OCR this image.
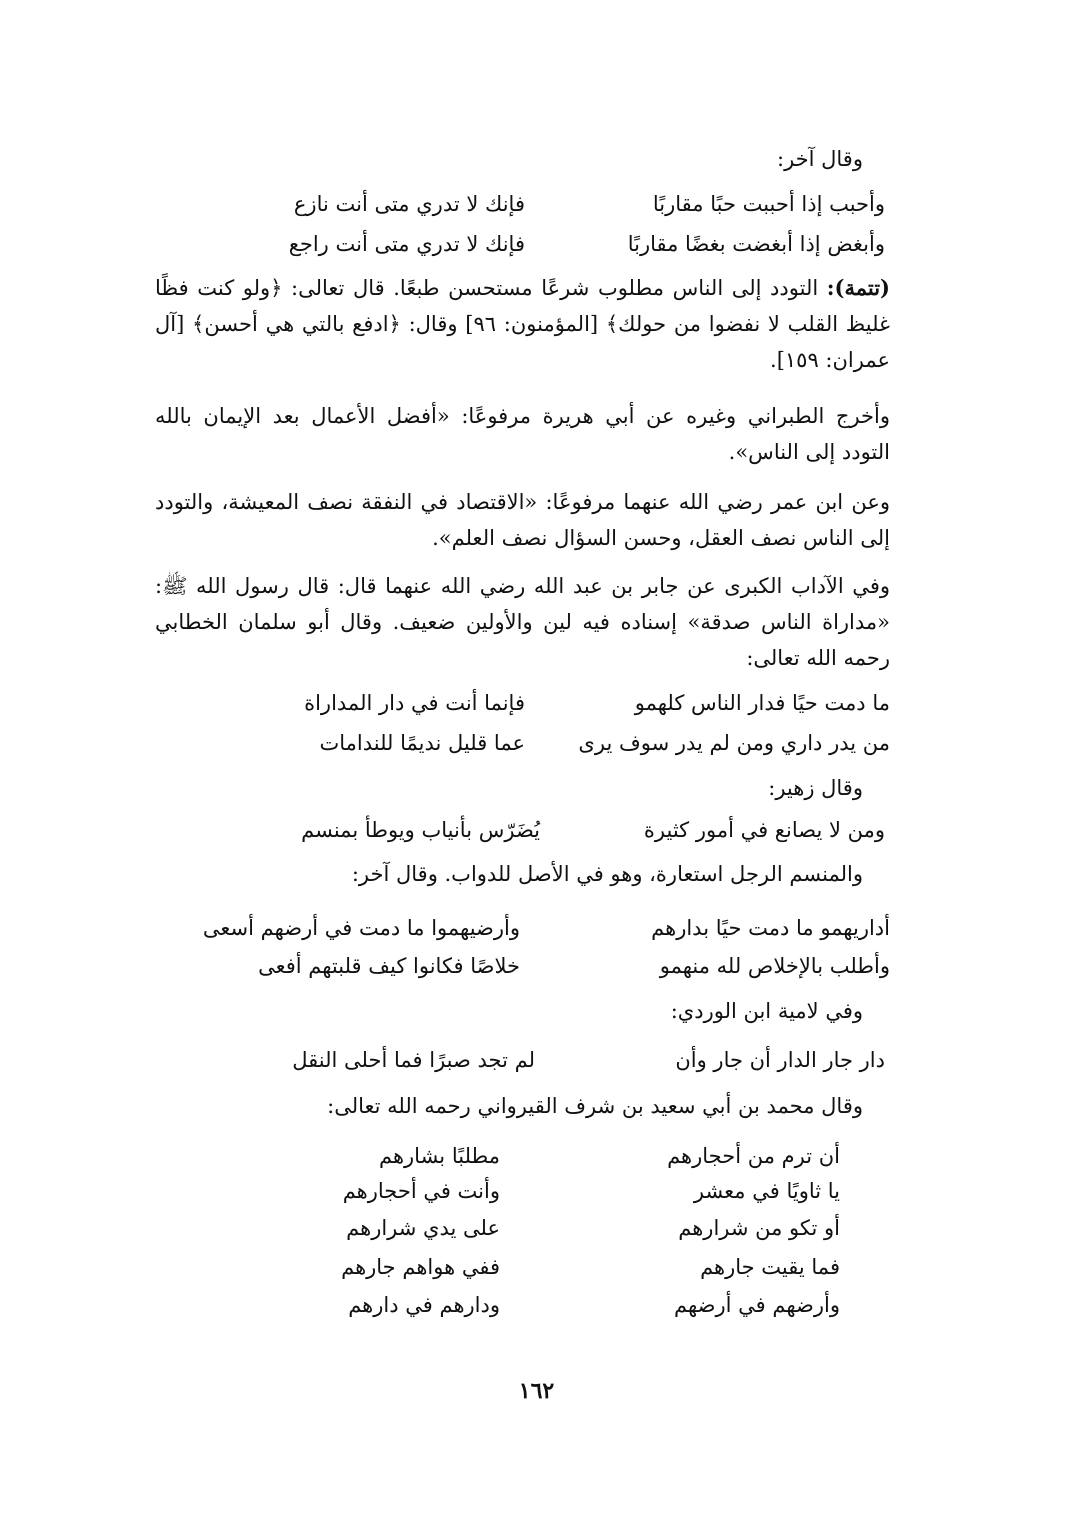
وقال آخر:

وأحبب إذا أحببت حبًا مقاربًا
فإنك لا تدري متى أنت نازع
وأبغض إذا أبغضت بغضًا مقاربًا
فإنك لا تدري متى أنت راجع

(تتمة): التودد إلى الناس مطلوب شرعًا مستحسن طبعًا. قال تعالى: ﴿ولو كنت فظًا غليظ القلب لا نفضوا من حولك﴾ [المؤمنون: ٩٦] وقال: ﴿ادفع بالتي هي أحسن﴾ [آل عمران: ١٥٩].

وأخرج الطبراني وغيره عن أبي هريرة مرفوعًا: «أفضل الأعمال بعد الإيمان بالله التودد إلى الناس».

وعن ابن عمر رضي الله عنهما مرفوعًا: «الاقتصاد في النفقة نصف المعيشة، والتودد إلى الناس نصف العقل، وحسن السؤال نصف العلم».

وفي الآداب الكبرى عن جابر بن عبد الله رضي الله عنهما قال: قال رسول الله ﷺ: «مداراة الناس صدقة» إسناده فيه لين والأولين ضعيف. وقال أبو سلمان الخطابي رحمه الله تعالى:

ما دمت حيًا فدار الناس كلهمو
فإنما أنت في دار المداراة
من يدر داري ومن لم يدر سوف يرى
عما قليل نديمًا للندامات

وقال زهير:

ومن لا يصانع في أمور كثيرة
يُضَرّس بأنياب ويوطأ بمنسم

والمنسم الرجل استعارة، وهو في الأصل للدواب. وقال آخر:

أداريهمو ما دمت حيًا بدارهم
وأرضيهموا ما دمت في أرضهم أسعى
وأطلب بالإخلاص لله منهمو
خلاصًا فكانوا كيف قلبتهم أفعى

وفي لامية ابن الوردي:

دار جار الدار أن جار وأن
لم تجد صبرًا فما أحلى النقل

وقال محمد بن أبي سعيد بن شرف القيرواني رحمه الله تعالى:

أن ترم من أحجارهم
مطلبًا بشارهم
يا ثاويًا في معشر
وأنت في أحجارهم
أو تكو من شرارهم
على يدي شرارهم
فما يقيت جارهم
ففي هواهم جارهم
وأرضهم في أرضهم
ودارهم في دارهم
١٦٢
